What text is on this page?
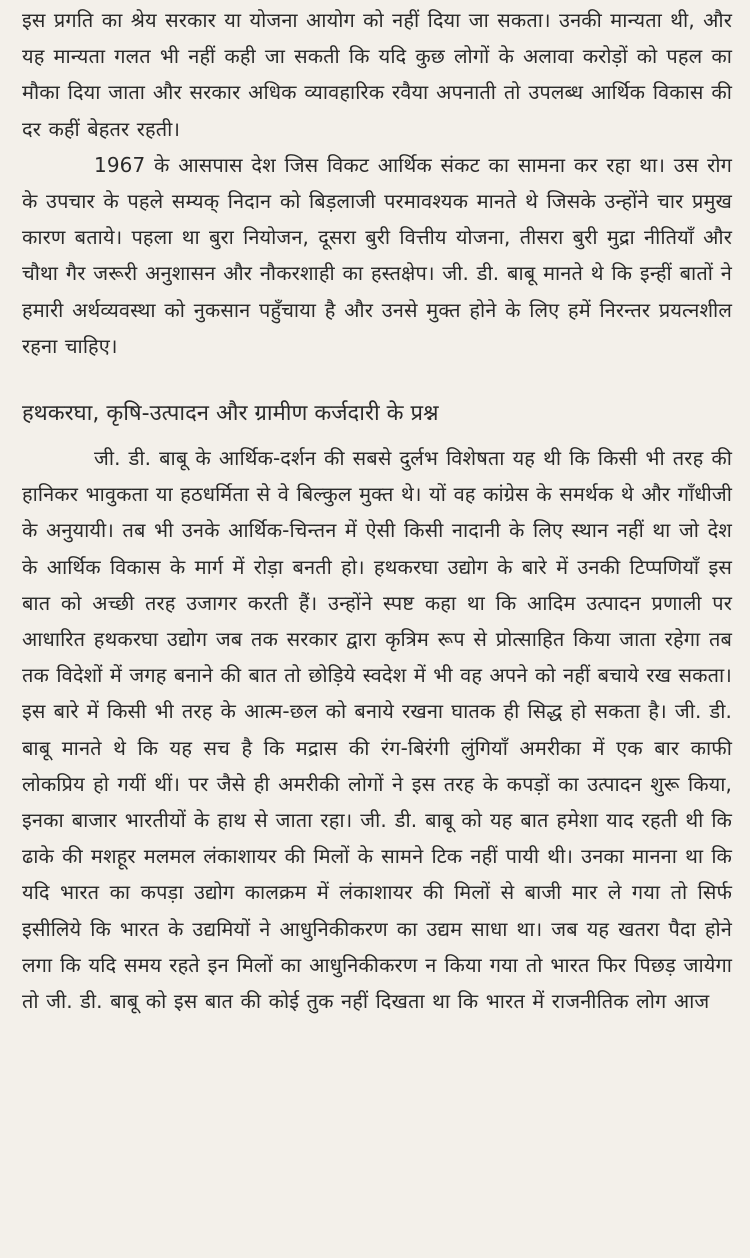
इस प्रगति का श्रेय सरकार या योजना आयोग को नहीं दिया जा सकता। उनकी मान्यता थी, और यह मान्यता गलत भी नहीं कही जा सकती कि यदि कुछ लोगों के अलावा करोड़ों को पहल का मौका दिया जाता और सरकार अधिक व्यावहारिक रवैया अपनाती तो उपलब्ध आर्थिक विकास की दर कहीं बेहतर रहती।

1967 के आसपास देश जिस विकट आर्थिक संकट का सामना कर रहा था। उस रोग के उपचार के पहले सम्यक् निदान को बिड़लाजी परमावश्यक मानते थे जिसके उन्होंने चार प्रमुख कारण बताये। पहला था बुरा नियोजन, दूसरा बुरी वित्तीय योजना, तीसरा बुरी मुद्रा नीतियाँ और चौथा गैर जरूरी अनुशासन और नौकरशाही का हस्तक्षेप। जी. डी. बाबू मानते थे कि इन्हीं बातों ने हमारी अर्थव्यवस्था को नुकसान पहुँचाया है और उनसे मुक्त होने के लिए हमें निरन्तर प्रयत्नशील रहना चाहिए।

हथकरघा, कृषि-उत्पादन और ग्रामीण कर्जदारी के प्रश्न

जी. डी. बाबू के आर्थिक-दर्शन की सबसे दुर्लभ विशेषता यह थी कि किसी भी तरह की हानिकर भावुकता या हठधर्मिता से वे बिल्कुल मुक्त थे। यों वह कांग्रेस के समर्थक थे और गाँधीजी के अनुयायी। तब भी उनके आर्थिक-चिन्तन में ऐसी किसी नादानी के लिए स्थान नहीं था जो देश के आर्थिक विकास के मार्ग में रोड़ा बनती हो। हथकरघा उद्योग के बारे में उनकी टिप्पणियाँ इस बात को अच्छी तरह उजागर करती हैं। उन्होंने स्पष्ट कहा था कि आदिम उत्पादन प्रणाली पर आधारित हथकरघा उद्योग जब तक सरकार द्वारा कृत्रिम रूप से प्रोत्साहित किया जाता रहेगा तब तक विदेशों में जगह बनाने की बात तो छोड़िये स्वदेश में भी वह अपने को नहीं बचाये रख सकता। इस बारे में किसी भी तरह के आत्म-छल को बनाये रखना घातक ही सिद्ध हो सकता है। जी. डी. बाबू मानते थे कि यह सच है कि मद्रास की रंग-बिरंगी लुंगियाँ अमरीका में एक बार काफी लोकप्रिय हो गयीं थीं। पर जैसे ही अमरीकी लोगों ने इस तरह के कपड़ों का उत्पादन शुरू किया, इनका बाजार भारतीयों के हाथ से जाता रहा। जी. डी. बाबू को यह बात हमेशा याद रहती थी कि ढाके की मशहूर मलमल लंकाशायर की मिलों के सामने टिक नहीं पायी थी। उनका मानना था कि यदि भारत का कपड़ा उद्योग कालक्रम में लंकाशायर की मिलों से बाजी मार ले गया तो सिर्फ इसीलिये कि भारत के उद्यमियों ने आधुनिकीकरण का उद्यम साधा था। जब यह खतरा पैदा होने लगा कि यदि समय रहते इन मिलों का आधुनिकीकरण न किया गया तो भारत फिर पिछड़ जायेगा तो जी. डी. बाबू को इस बात की कोई तुक नहीं दिखता था कि भारत में राजनीतिक लोग आज
